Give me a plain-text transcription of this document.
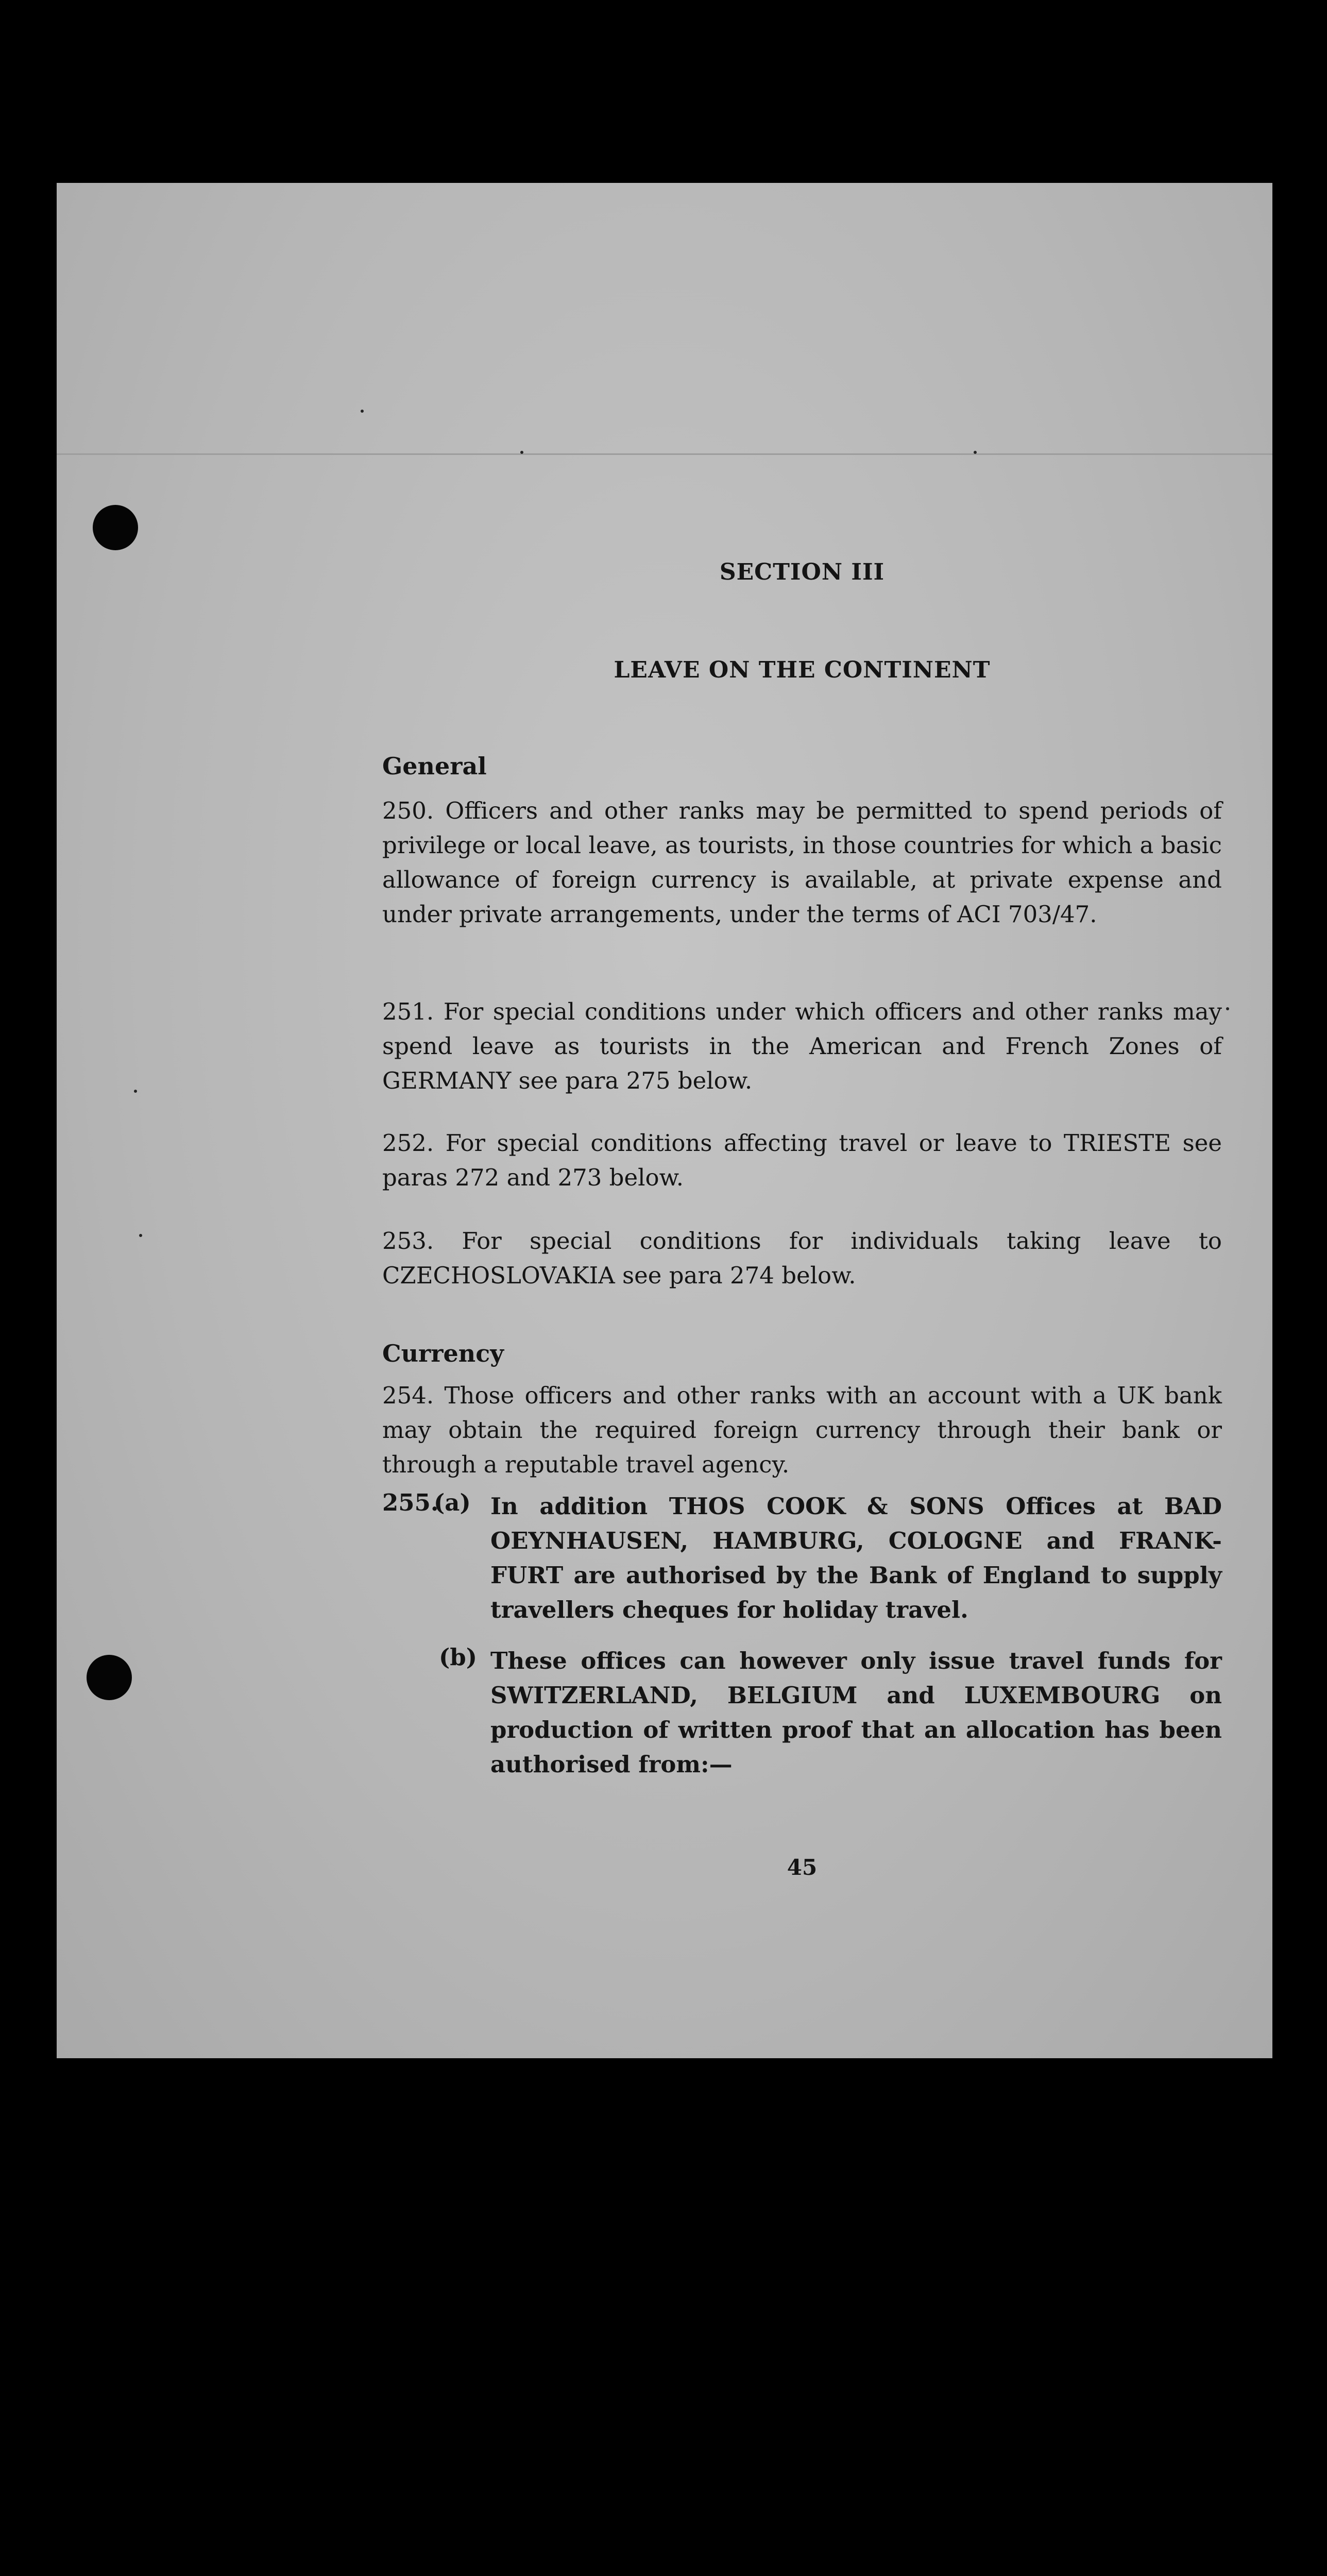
SECTION III
LEAVE ON THE CONTINENT
General
250. Officers and other ranks may be permitted to spend periods of privilege or local leave, as tourists, in those countries for which a basic allowance of foreign currency is available, at private expense and under private arrangements, under the terms of ACI 703/47.
251. For special conditions under which officers and other ranks may spend leave as tourists in the American and French Zones of GERMANY see para 275 below.
252. For special conditions affecting travel or leave to TRIESTE see paras 272 and 273 below.
253. For special conditions for individuals taking leave to CZECHOSLOVAKIA see para 274 below.
Currency
254. Those officers and other ranks with an account with a UK bank may obtain the required foreign currency through their bank or through a reputable travel agency.
255.
(a) In addition THOS COOK & SONS Offices at BAD OEYNHAUSEN, HAMBURG, COLOGNE and FRANK-FURT are authorised by the Bank of England to supply travellers cheques for holiday travel.
(b) These offices can however only issue travel funds for SWITZERLAND, BELGIUM and LUXEMBOURG on production of written proof that an allocation has been authorised from:—
45
